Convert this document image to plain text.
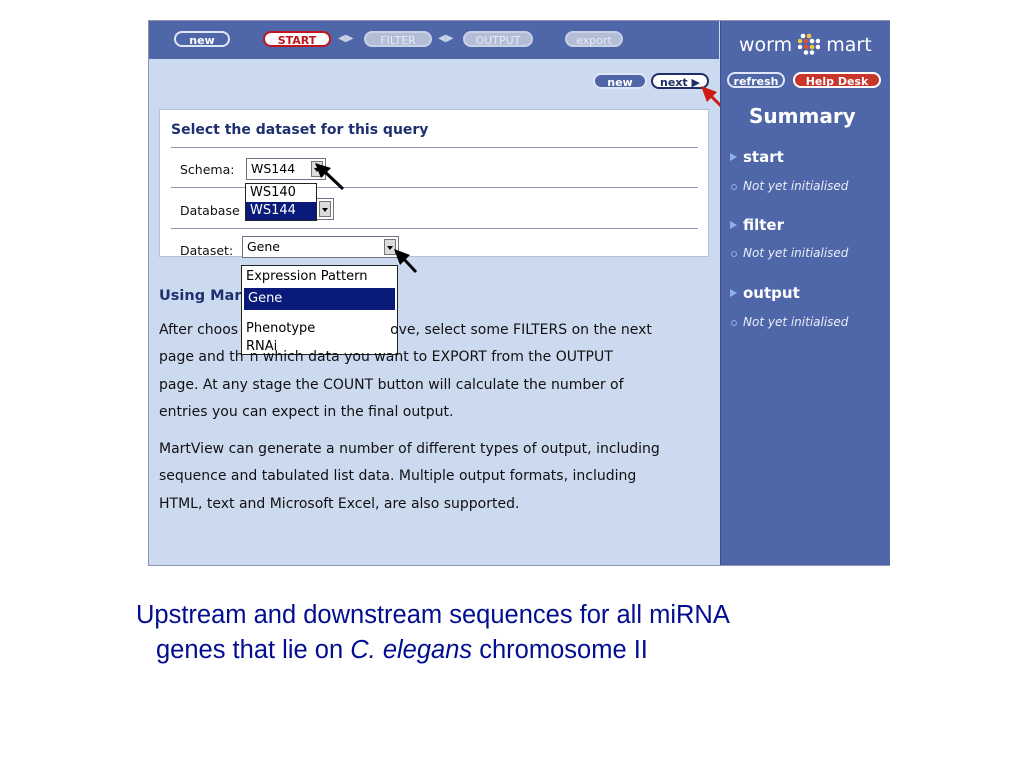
new	START	◀▶	FILTER	◀▶	OUTPUT	export
new	next ▶
Select the dataset for this query
Schema:	WS144
Database
Dataset:	Gene
WS140
WS144
Expression Pattern
Gene
Phenotype
RNAi
Using Mar
After choos	ove, select some FILTERS on the next
page and th n which data you want to EXPORT from the OUTPUT
page. At any stage the COUNT button will calculate the number of
entries you can expect in the final output.
MartView can generate a number of different types of output, including
sequence and tabulated list data. Multiple output formats, including
HTML, text and Microsoft Excel, are also supported.
worm mart
refresh	Help Desk
Summary
start
Not yet initialised
filter
Not yet initialised
output
Not yet initialised
Upstream and downstream sequences for all miRNA
genes that lie on C. elegans chromosome II
